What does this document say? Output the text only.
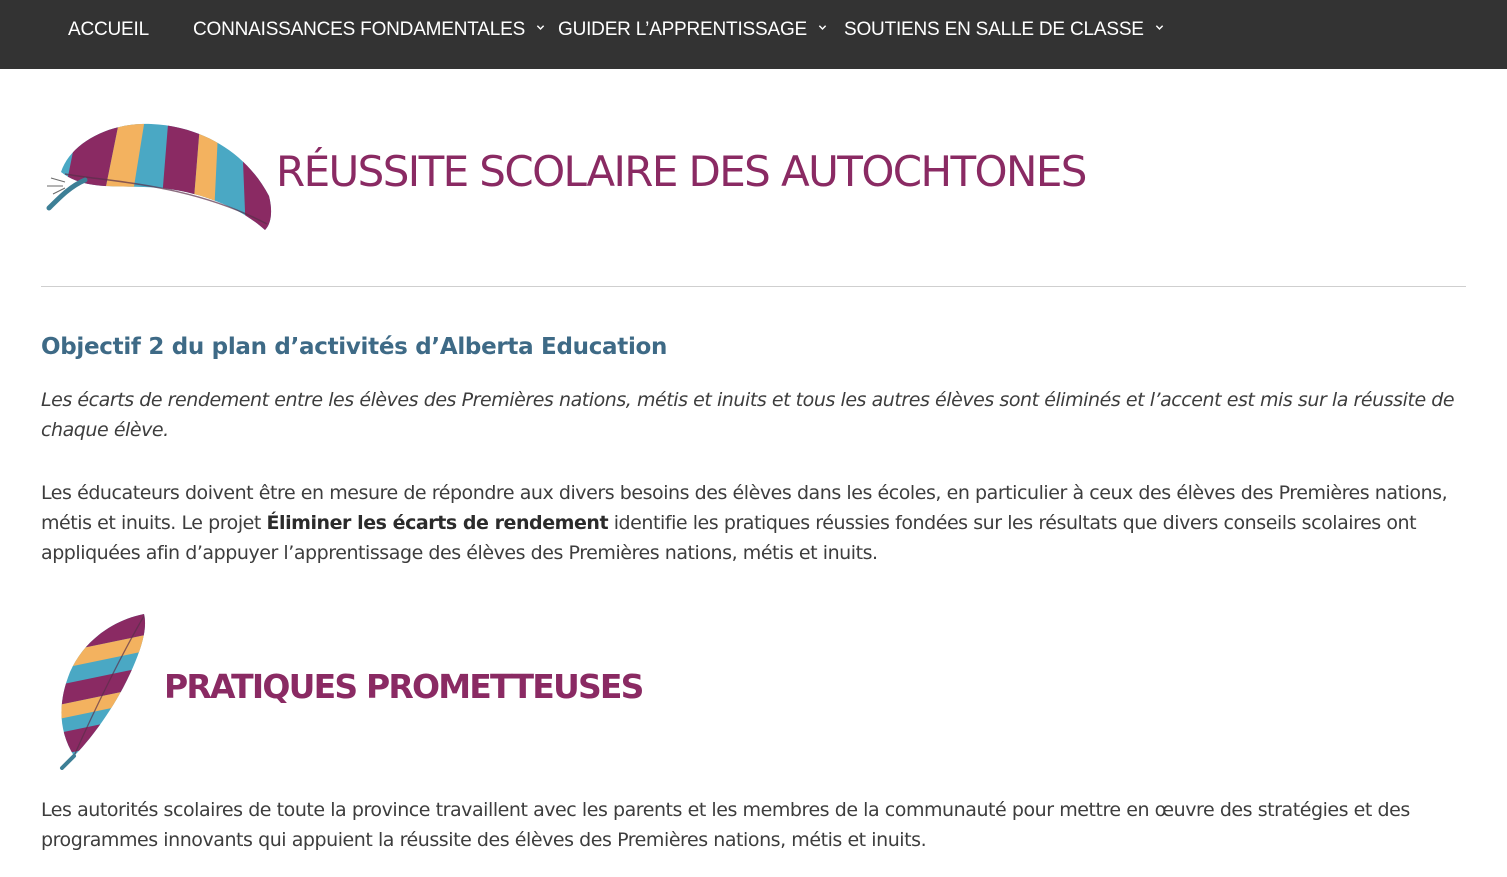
ACCUEIL CONNAISSANCES FONDAMENTALES	GUIDER L’APPRENTISSAGE	SOUTIENS EN SALLE DE CLASSE
RÉUSSITE SCOLAIRE DES AUTOCHTONES
Objectif 2 du plan d’activités d’Alberta Education

Les écarts de rendement entre les élèves des Premières nations, métis et inuits et tous les autres élèves sont éliminés et l’accent est mis sur la réussite de chaque élève.

Les éducateurs doivent être en mesure de répondre aux divers besoins des élèves dans les écoles, en particulier à ceux des élèves des Premières nations, métis et inuits. Le projet Éliminer les écarts de rendement identifie les pratiques réussies fondées sur les résultats que divers conseils scolaires ont appliquées afin d’appuyer l’apprentissage des élèves des Premières nations, métis et inuits.

PRATIQUES PROMETTEUSES

Les autorités scolaires de toute la province travaillent avec les parents et les membres de la communauté pour mettre en œuvre des stratégies et des programmes innovants qui appuient la réussite des élèves des Premières nations, métis et inuits.
